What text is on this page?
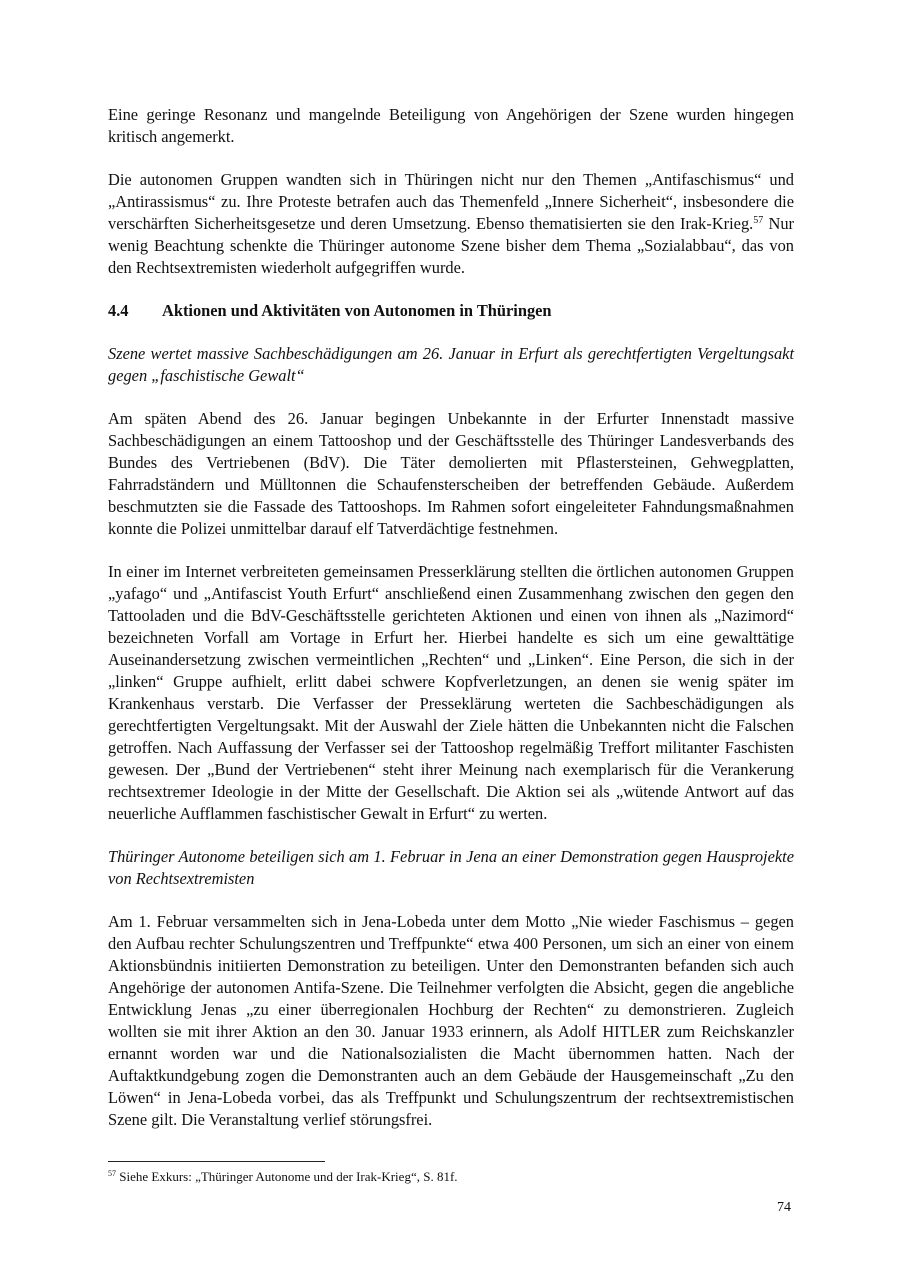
Eine geringe Resonanz und mangelnde Beteiligung von Angehörigen der Szene wurden hingegen kritisch angemerkt.

Die autonomen Gruppen wandten sich in Thüringen nicht nur den Themen „Antifaschismus“ und „Antirassismus“ zu. Ihre Proteste betrafen auch das Themenfeld „Innere Sicherheit“, insbesondere die verschärften Sicherheitsgesetze und deren Umsetzung. Ebenso thematisierten sie den Irak-Krieg.$^{57}$ Nur wenig Beachtung schenkte die Thüringer autonome Szene bisher dem Thema „Sozialabbau“, das von den Rechtsextremisten wiederholt aufgegriffen wurde.

4.4	Aktionen und Aktivitäten von Autonomen in Thüringen

Szene wertet massive Sachbeschädigungen am 26. Januar in Erfurt als gerechtfertigten Vergeltungsakt gegen „faschistische Gewalt“

Am späten Abend des 26. Januar begingen Unbekannte in der Erfurter Innenstadt massive Sachbeschädigungen an einem Tattooshop und der Geschäftsstelle des Thüringer Landesverbands des Bundes des Vertriebenen (BdV). Die Täter demolierten mit Pflastersteinen, Gehwegplatten, Fahrradständern und Mülltonnen die Schaufensterscheiben der betreffenden Gebäude. Außerdem beschmutzten sie die Fassade des Tattooshops. Im Rahmen sofort eingeleiteter Fahndungsmaßnahmen konnte die Polizei unmittelbar darauf elf Tatverdächtige festnehmen.

In einer im Internet verbreiteten gemeinsamen Presserklärung stellten die örtlichen autonomen Gruppen „yafago“ und „Antifascist Youth Erfurt“ anschließend einen Zusammenhang zwischen den gegen den Tattooladen und die BdV-Geschäftsstelle gerichteten Aktionen und einen von ihnen als „Nazimord“ bezeichneten Vorfall am Vortage in Erfurt her. Hierbei handelte es sich um eine gewalttätige Auseinandersetzung zwischen vermeintlichen „Rechten“ und „Linken“. Eine Person, die sich in der „linken“ Gruppe aufhielt, erlitt dabei schwere Kopfverletzungen, an denen sie wenig später im Krankenhaus verstarb. Die Verfasser der Presseklärung werteten die Sachbeschädigungen als gerechtfertigten Vergeltungsakt. Mit der Auswahl der Ziele hätten die Unbekannten nicht die Falschen getroffen. Nach Auffassung der Verfasser sei der Tattooshop regelmäßig Treffort militanter Faschisten gewesen. Der „Bund der Vertriebenen“ steht ihrer Meinung nach exemplarisch für die Verankerung rechtsextremer Ideologie in der Mitte der Gesellschaft. Die Aktion sei als „wütende Antwort auf das neuerliche Aufflammen faschistischer Gewalt in Erfurt“ zu werten.

Thüringer Autonome beteiligen sich am 1. Februar in Jena an einer Demonstration gegen Hausprojekte von Rechtsextremisten

Am 1. Februar versammelten sich in Jena-Lobeda unter dem Motto „Nie wieder Faschismus – gegen den Aufbau rechter Schulungszentren und Treffpunkte“ etwa 400 Personen, um sich an einer von einem Aktionsbündnis initiierten Demonstration zu beteiligen. Unter den Demonstranten befanden sich auch Angehörige der autonomen Antifa-Szene. Die Teilnehmer verfolgten die Absicht, gegen die angebliche Entwicklung Jenas „zu einer überregionalen Hochburg der Rechten“ zu demonstrieren. Zugleich wollten sie mit ihrer Aktion an den 30. Januar 1933 erinnern, als Adolf HITLER zum Reichskanzler ernannt worden war und die Nationalsozialisten die Macht übernommen hatten. Nach der Auftaktkundgebung zogen die Demonstranten auch an dem Gebäude der Hausgemeinschaft „Zu den Löwen“ in Jena-Lobeda vorbei, das als Treffpunkt und Schulungszentrum der rechtsextremistischen Szene gilt. Die Veranstaltung verlief störungsfrei.

$^{57}$ Siehe Exkurs: „Thüringer Autonome und der Irak-Krieg“, S. 81f.
74
